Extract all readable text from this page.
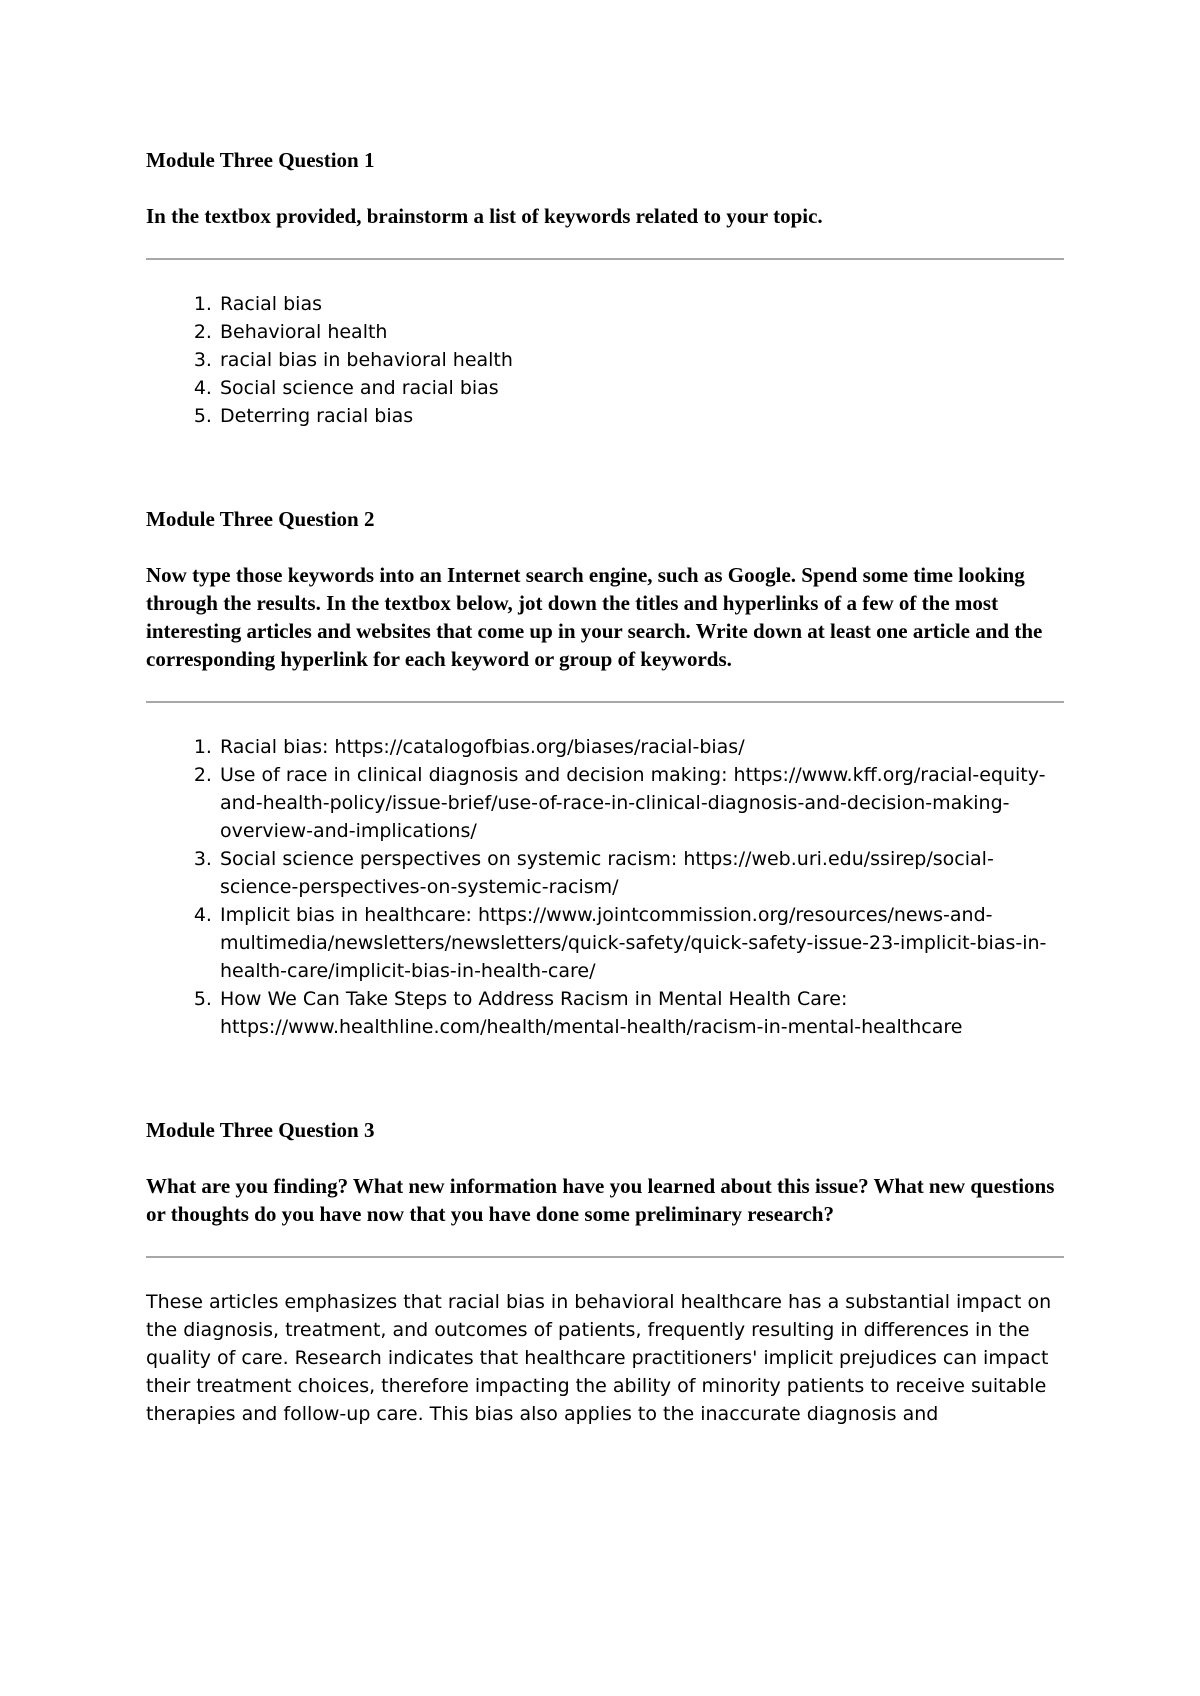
Module Three Question 1

In the textbox provided, brainstorm a list of keywords related to your topic.

1. Racial bias
2. Behavioral health
3. racial bias in behavioral health
4. Social science and racial bias
5. Deterring racial bias
Module Three Question 2

Now type those keywords into an Internet search engine, such as Google. Spend some time looking through the results. In the textbox below, jot down the titles and hyperlinks of a few of the most interesting articles and websites that come up in your search. Write down at least one article and the corresponding hyperlink for each keyword or group of keywords.

1. Racial bias: https://catalogofbias.org/biases/racial-bias/
2. Use of race in clinical diagnosis and decision making: https://www.kff.org/racial-equity-and-health-policy/issue-brief/use-of-race-in-clinical-diagnosis-and-decision-making-overview-and-implications/
3. Social science perspectives on systemic racism: https://web.uri.edu/ssirep/social-science-perspectives-on-systemic-racism/
4. Implicit bias in healthcare: https://www.jointcommission.org/resources/news-and-multimedia/newsletters/newsletters/quick-safety/quick-safety-issue-23-implicit-bias-in-health-care/implicit-bias-in-health-care/
5. How We Can Take Steps to Address Racism in Mental Health Care: https://www.healthline.com/health/mental-health/racism-in-mental-healthcare
Module Three Question 3

What are you finding? What new information have you learned about this issue? What new questions or thoughts do you have now that you have done some preliminary research?

These articles emphasizes that racial bias in behavioral healthcare has a substantial impact on the diagnosis, treatment, and outcomes of patients, frequently resulting in differences in the quality of care. Research indicates that healthcare practitioners' implicit prejudices can impact their treatment choices, therefore impacting the ability of minority patients to receive suitable therapies and follow-up care. This bias also applies to the inaccurate diagnosis and
